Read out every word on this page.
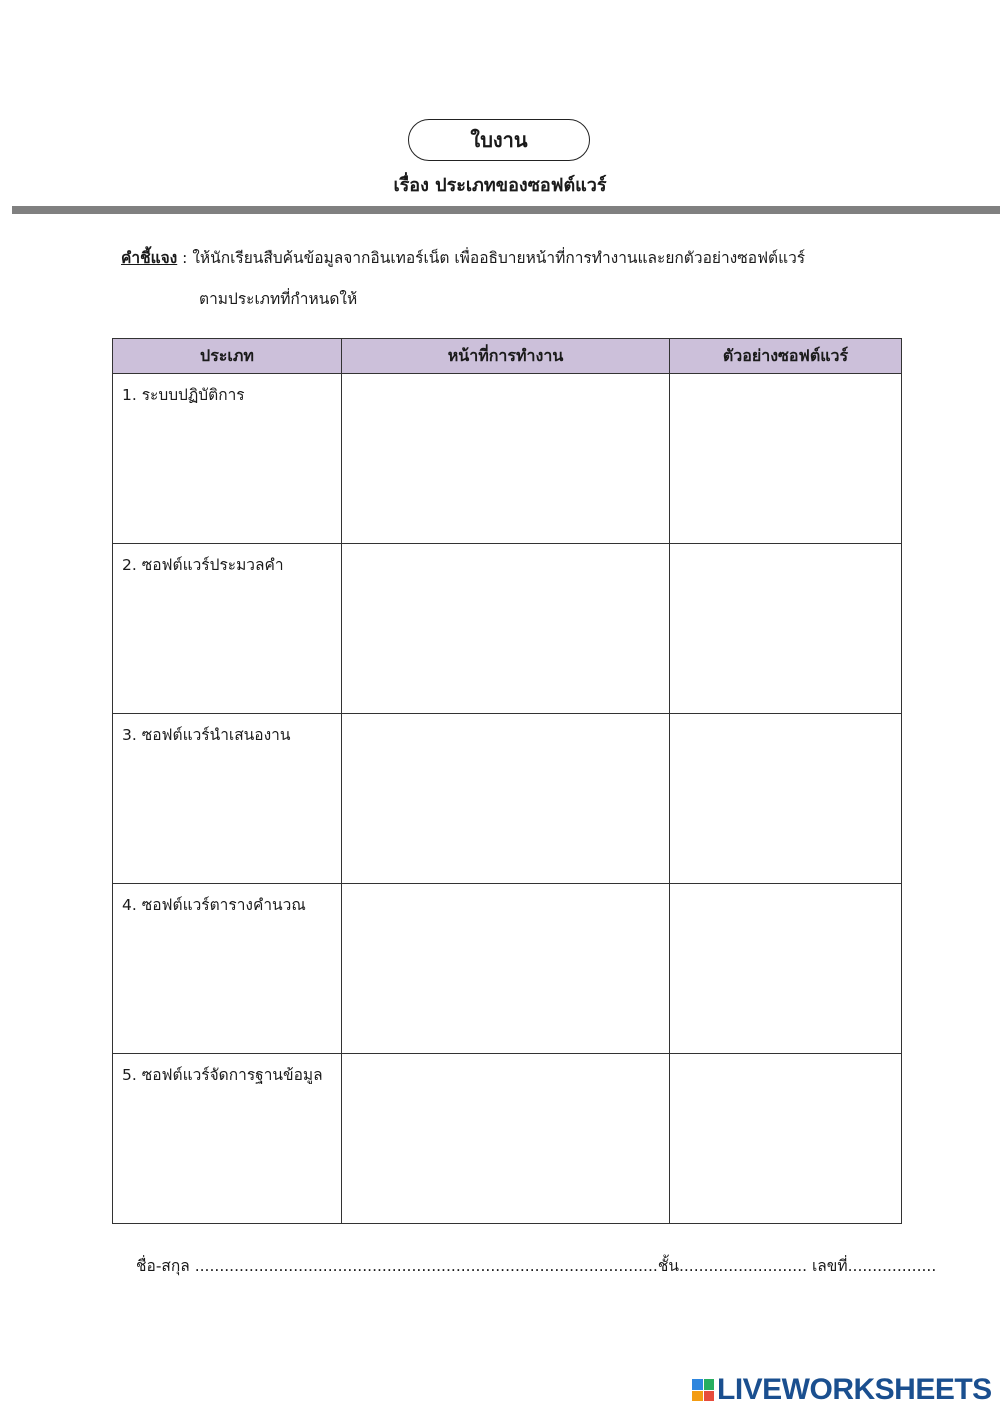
ใบงาน
เรื่อง ประเภทของซอฟต์แวร์
คำชี้แจง : ให้นักเรียนสืบค้นข้อมูลจากอินเทอร์เน็ต เพื่ออธิบายหน้าที่การทำงานและยกตัวอย่างซอฟต์แวร์
ตามประเภทที่กำหนดให้
ประเภท	หน้าที่การทำงาน	ตัวอย่างซอฟต์แวร์
1. ระบบปฏิบัติการ		
2. ซอฟต์แวร์ประมวลคำ		
3. ซอฟต์แวร์นำเสนองาน		
4. ซอฟต์แวร์ตารางคำนวณ		
5. ซอฟต์แวร์จัดการฐานข้อมูล		
ชื่อ-สกุล ..............................................................................................ชั้น.......................... เลขที่..................
LIVEWORKSHEETS
